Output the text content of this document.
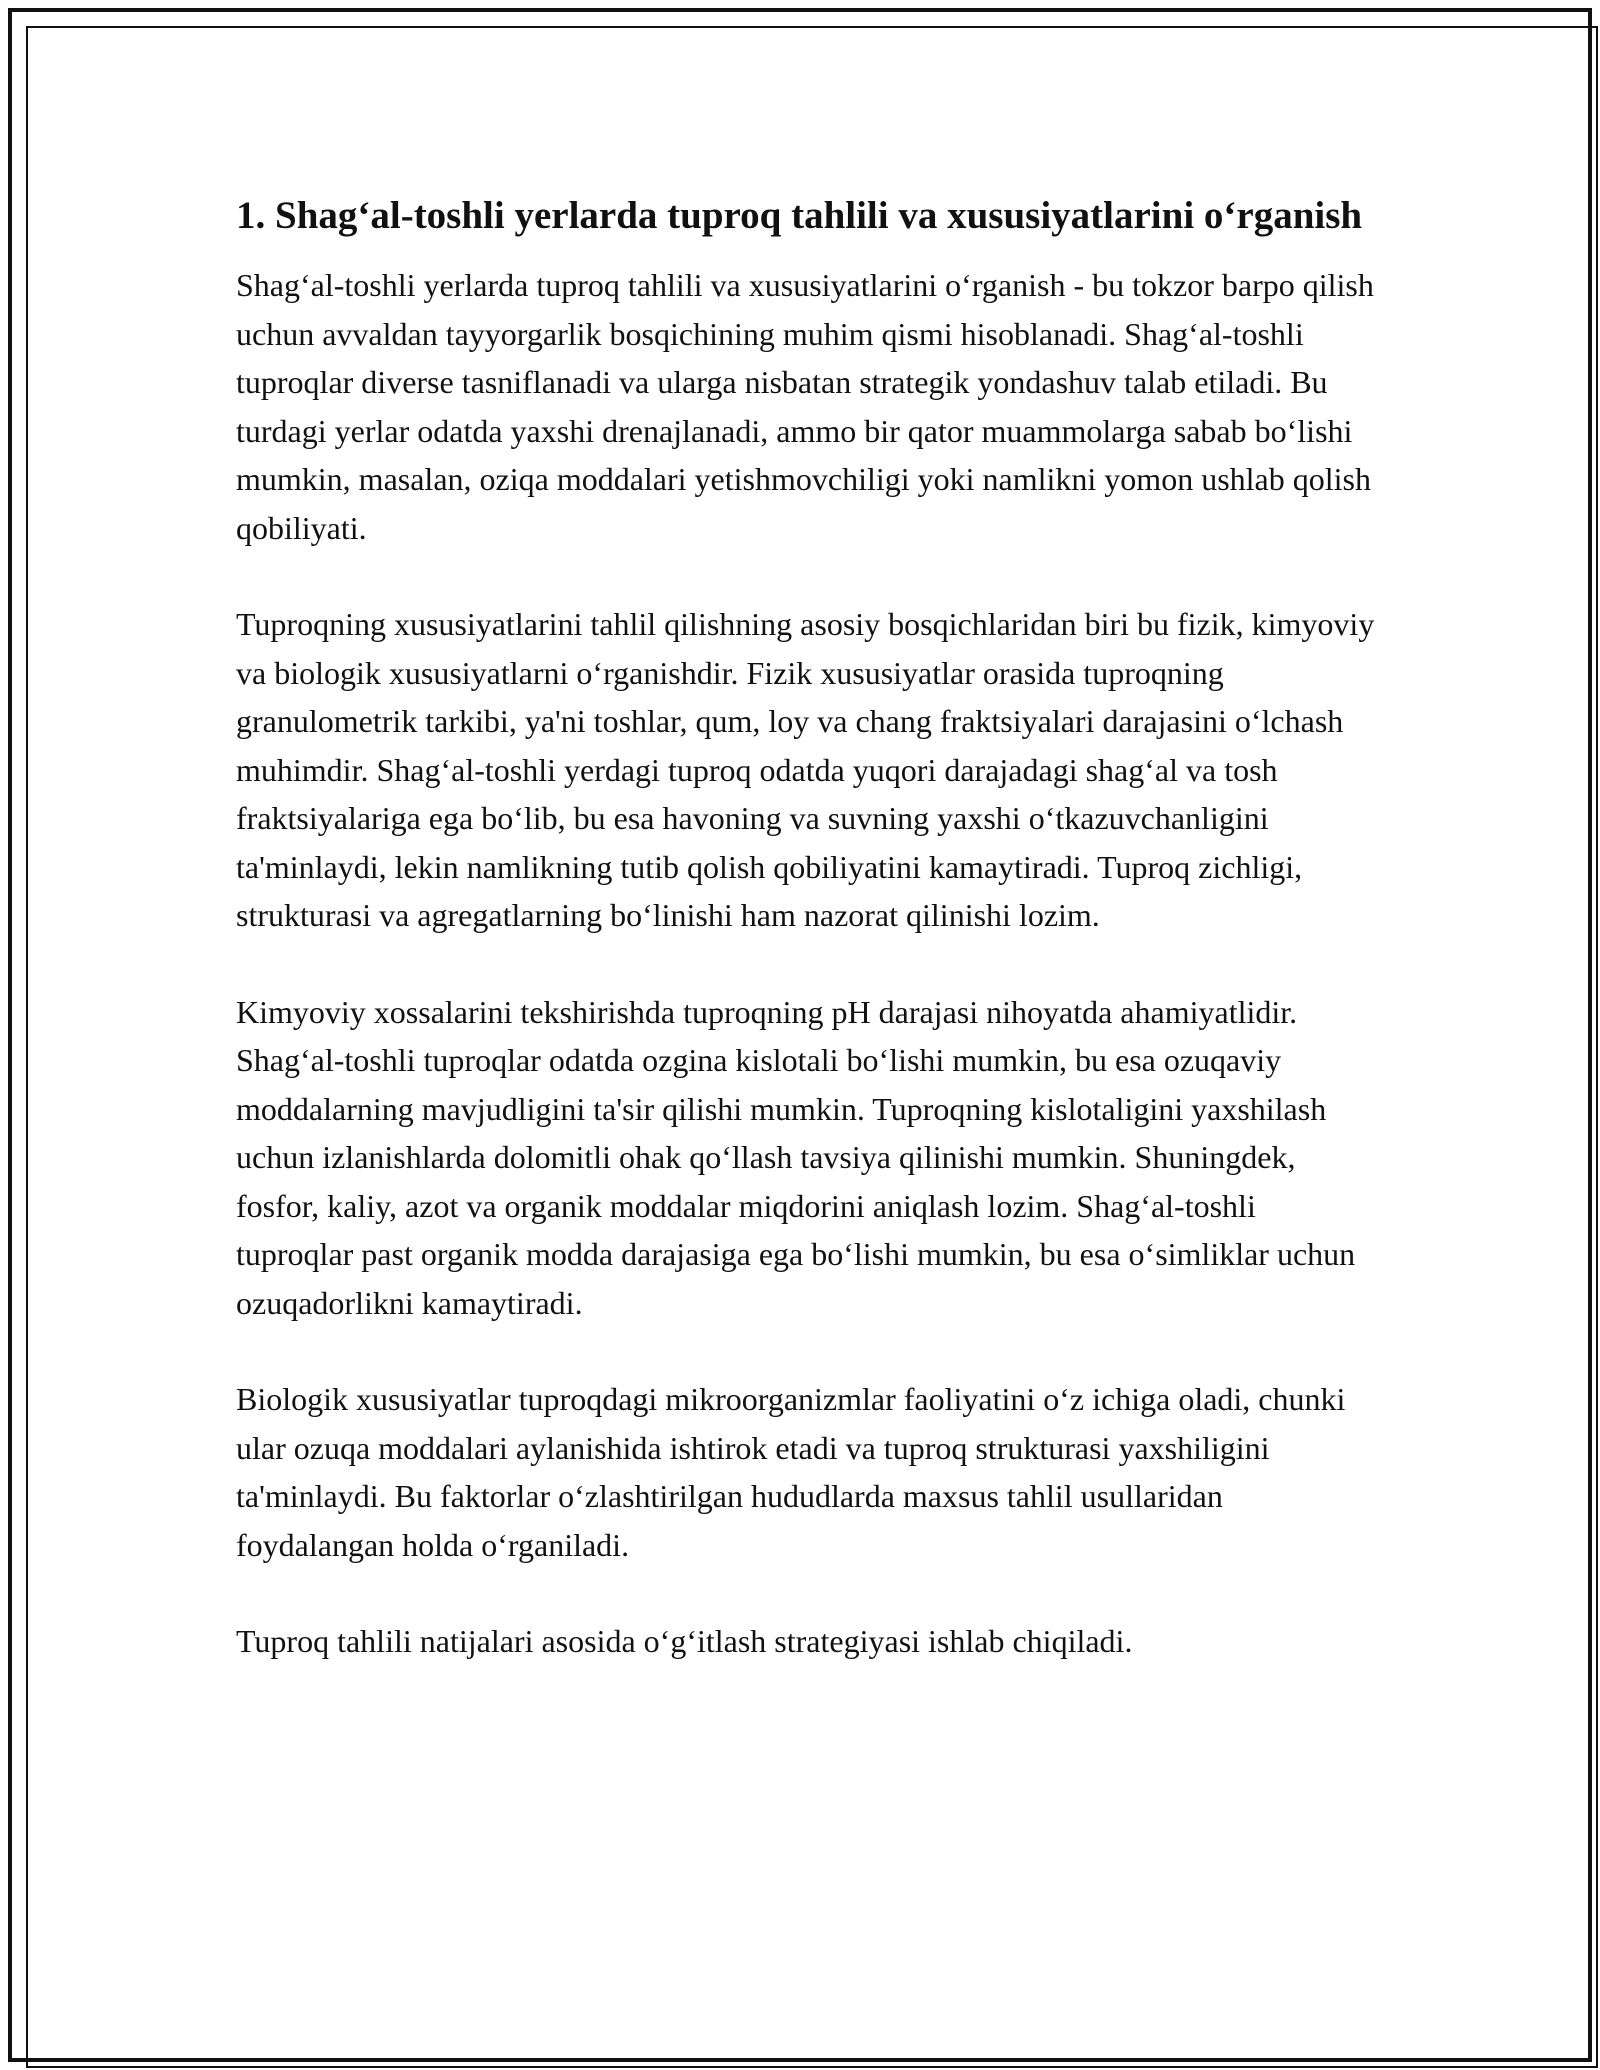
1. Shagʻal-toshli yerlarda tuproq tahlili va xususiyatlarini oʻrganish

Shagʻal-toshli yerlarda tuproq tahlili va xususiyatlarini oʻrganish - bu tokzor barpo qilish uchun avvaldan tayyorgarlik bosqichining muhim qismi hisoblanadi. Shagʻal-toshli tuproqlar diverse tasniflanadi va ularga nisbatan strategik yondashuv talab etiladi. Bu turdagi yerlar odatda yaxshi drenajlanadi, ammo bir qator muammolarga sabab boʻlishi mumkin, masalan, oziqa moddalari yetishmovchiligi yoki namlikni yomon ushlab qolish qobiliyati.

Tuproqning xususiyatlarini tahlil qilishning asosiy bosqichlaridan biri bu fizik, kimyoviy va biologik xususiyatlarni oʻrganishdir. Fizik xususiyatlar orasida tuproqning granulometrik tarkibi, ya'ni toshlar, qum, loy va chang fraktsiyalari darajasini oʻlchash muhimdir. Shagʻal-toshli yerdagi tuproq odatda yuqori darajadagi shagʻal va tosh fraktsiyalariga ega boʻlib, bu esa havoning va suvning yaxshi oʻtkazuvchanligini ta'minlaydi, lekin namlikning tutib qolish qobiliyatini kamaytiradi. Tuproq zichligi, strukturasi va agregatlarning boʻlinishi ham nazorat qilinishi lozim.

Kimyoviy xossalarini tekshirishda tuproqning pH darajasi nihoyatda ahamiyatlidir. Shagʻal-toshli tuproqlar odatda ozgina kislotali boʻlishi mumkin, bu esa ozuqaviy moddalarning mavjudligini ta'sir qilishi mumkin. Tuproqning kislotaligini yaxshilash uchun izlanishlarda dolomitli ohak qoʻllash tavsiya qilinishi mumkin. Shuningdek, fosfor, kaliy, azot va organik moddalar miqdorini aniqlash lozim. Shagʻal-toshli tuproqlar past organik modda darajasiga ega boʻlishi mumkin, bu esa oʻsimliklar uchun ozuqadorlikni kamaytiradi.

Biologik xususiyatlar tuproqdagi mikroorganizmlar faoliyatini oʻz ichiga oladi, chunki ular ozuqa moddalari aylanishida ishtirok etadi va tuproq strukturasi yaxshiligini ta'minlaydi. Bu faktorlar oʻzlashtirilgan hududlarda maxsus tahlil usullaridan foydalangan holda oʻrganiladi.

Tuproq tahlili natijalari asosida oʻgʻitlash strategiyasi ishlab chiqiladi.
